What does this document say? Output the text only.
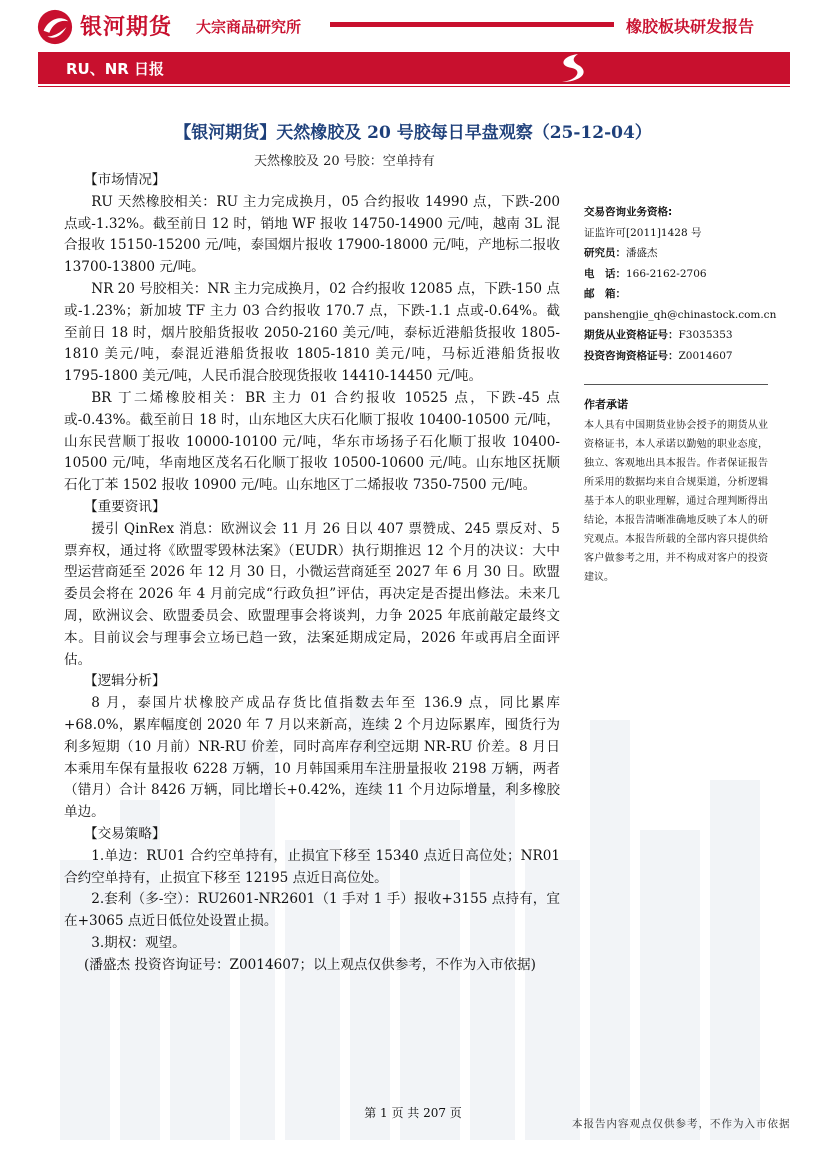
银河期货 大宗商品研究所	橡胶板块研发报告
RU、NR 日报
【银河期货】天然橡胶及 20 号胶每日早盘观察（25-12-04）
天然橡胶及 20 号胶：空单持有

【市场情况】

RU 天然橡胶相关：RU 主力完成换月，05 合约报收 14990 点，下跌-200 点或-1.32%。截至前日 12 时，销地 WF 报收 14750-14900 元/吨，越南 3L 混合报收 15150-15200 元/吨，泰国烟片报收 17900-18000 元/吨，产地标二报收 13700-13800 元/吨。

NR 20 号胶相关：NR 主力完成换月，02 合约报收 12085 点，下跌-150 点或-1.23%；新加坡 TF 主力 03 合约报收 170.7 点，下跌-1.1 点或-0.64%。截至前日 18 时，烟片胶船货报收 2050-2160 美元/吨，泰标近港船货报收 1805-1810 美元/吨，泰混近港船货报收 1805-1810 美元/吨，马标近港船货报收 1795-1800 美元/吨，人民币混合胶现货报收 14410-14450 元/吨。

BR 丁二烯橡胶相关：BR 主力 01 合约报收 10525 点，下跌-45 点或-0.43%。截至前日 18 时，山东地区大庆石化顺丁报收 10400-10500 元/吨，山东民营顺丁报收 10000-10100 元/吨，华东市场扬子石化顺丁报收 10400-10500 元/吨，华南地区茂名石化顺丁报收 10500-10600 元/吨。山东地区抚顺石化丁苯 1502 报收 10900 元/吨。山东地区丁二烯报收 7350-7500 元/吨。

【重要资讯】

援引 QinRex 消息：欧洲议会 11 月 26 日以 407 票赞成、245 票反对、5 票弃权，通过将《欧盟零毁林法案》（EUDR）执行期推迟 12 个月的决议：大中型运营商延至 2026 年 12 月 30 日，小微运营商延至 2027 年 6 月 30 日。欧盟委员会将在 2026 年 4 月前完成“行政负担”评估，再决定是否提出修法。未来几周，欧洲议会、欧盟委员会、欧盟理事会将谈判，力争 2025 年底前敲定最终文本。目前议会与理事会立场已趋一致，法案延期成定局，2026 年或再启全面评估。

【逻辑分析】

8 月，泰国片状橡胶产成品存货比值指数去年至 136.9 点，同比累库+68.0%，累库幅度创 2020 年 7 月以来新高，连续 2 个月边际累库，囤货行为利多短期（10 月前）NR-RU 价差，同时高库存利空远期 NR-RU 价差。8 月日本乘用车保有量报收 6228 万辆，10 月韩国乘用车注册量报收 2198 万辆，两者（错月）合计 8426 万辆，同比增长+0.42%，连续 11 个月边际增量，利多橡胶单边。

【交易策略】

1.单边：RU01 合约空单持有，止损宜下移至 15340 点近日高位处；NR01 合约空单持有，止损宜下移至 12195 点近日高位处。

2.套利（多-空）：RU2601-NR2601（1 手对 1 手）报收+3155 点持有，宜在+3065 点近日低位处设置止损。

3.期权：观望。

(潘盛杰 投资咨询证号：Z0014607；以上观点仅供参考，不作为入市依据)

交易咨询业务资格:
证监许可[2011]1428 号
研究员：潘盛杰
电　话：166-2162-2706
邮　箱：
panshengjie_qh@chinastock.com.cn
期货从业资格证号：F3035353
投资咨询资格证号：Z0014607
作者承诺
本人具有中国期货业协会授予的期货从业资格证书，本人承诺以勤勉的职业态度，独立、客观地出具本报告。作者保证报告所采用的数据均来自合规渠道，分析逻辑基于本人的职业理解，通过合理判断得出结论，本报告清晰准确地反映了本人的研究观点。本报告所载的全部内容只提供给客户做参考之用，并不构成对客户的投资建议。
第 1 页 共 207 页
本报告内容观点仅供参考，不作为入市依据
